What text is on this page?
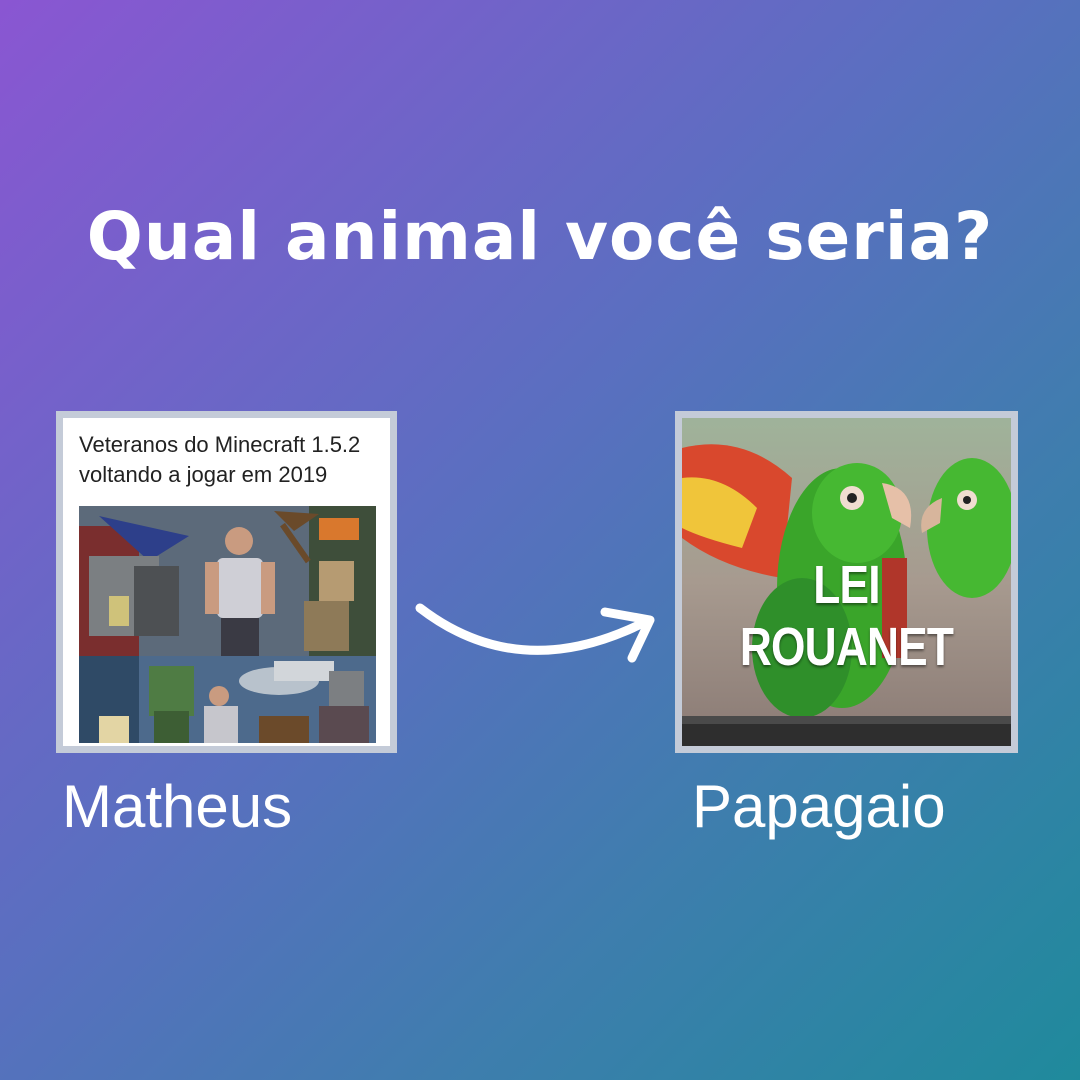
Qual animal você seria?
Veteranos do Minecraft 1.5.2
voltando a jogar em 2019
LEI ROUANET
Matheus	Papagaio
